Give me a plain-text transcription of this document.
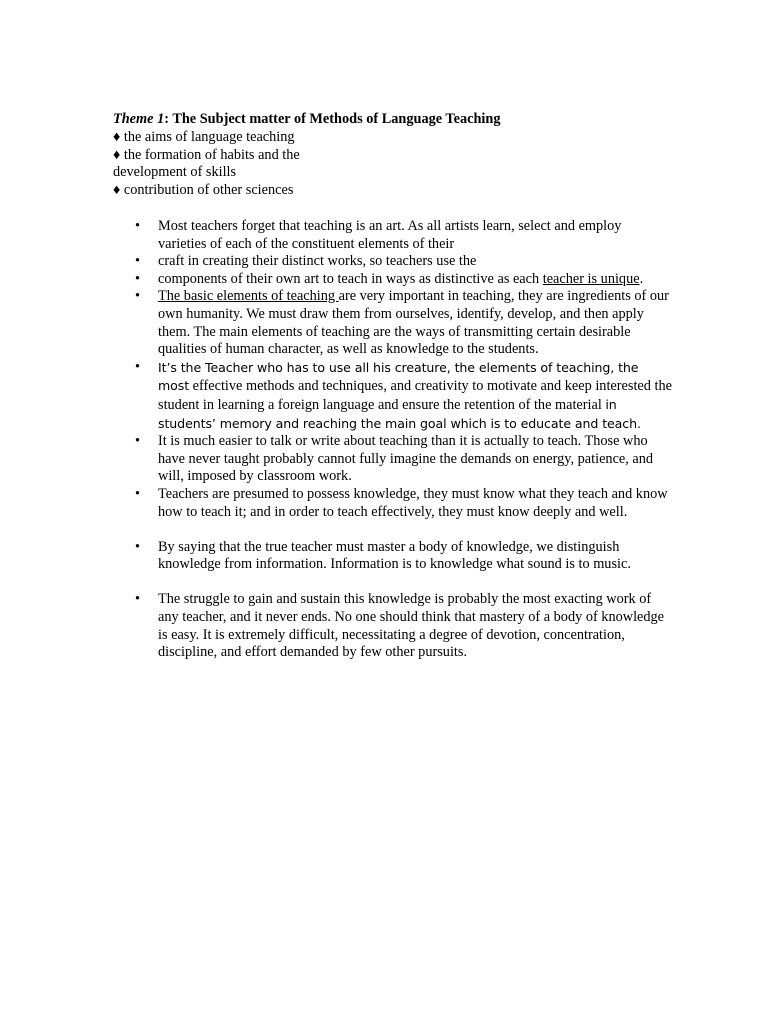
Theme 1: The Subject matter of Methods of Language Teaching
♦ the aims of language teaching
♦ the formation of habits and the development of skills
♦ contribution of other sciences
• Most teachers forget that teaching is an art. As all artists learn, select and employ varieties of each of the constituent elements of their
• craft in creating their distinct works, so teachers use the
• components of their own art to teach in ways as distinctive as each teacher is unique.
• The basic elements of teaching are very important in teaching, they are ingredients of our own humanity. We must draw them from ourselves, identify, develop, and then apply them. The main elements of teaching are the ways of transmitting certain desirable qualities of human character, as well as knowledge to the students.
• It’s the Teacher who has to use all his creature, the elements of teaching, the most effective methods and techniques, and creativity to motivate and keep interested the student in learning a foreign language and ensure the retention of the material in students’ memory and reaching the main goal which is to educate and teach.
• It is much easier to talk or write about teaching than it is actually to teach. Those who have never taught probably cannot fully imagine the demands on energy, patience, and will, imposed by classroom work.
• Teachers are presumed to possess knowledge, they must know what they teach and know how to teach it; and in order to teach effectively, they must know deeply and well.
• By saying that the true teacher must master a body of knowledge, we distinguish knowledge from information. Information is to knowledge what sound is to music.
• The struggle to gain and sustain this knowledge is probably the most exacting work of any teacher, and it never ends. No one should think that mastery of a body of knowledge is easy. It is extremely difficult, necessitating a degree of devotion, concentration, discipline, and effort demanded by few other pursuits.
